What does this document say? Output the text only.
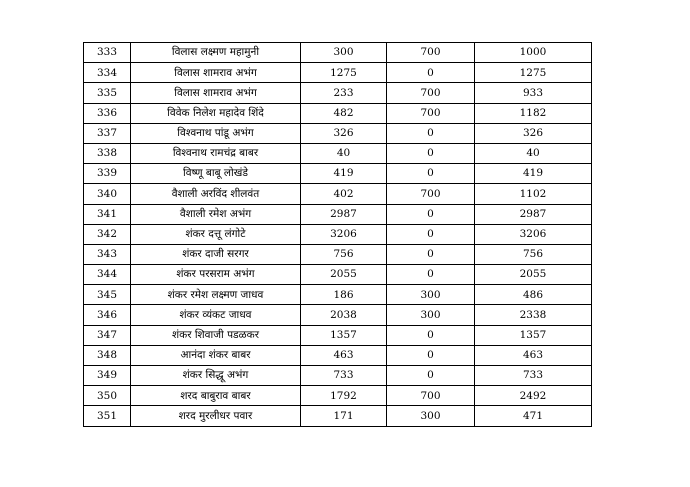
333	विलास लक्ष्मण महामुनी	300	700	1000
334	विलास शामराव अभंग	1275	0	1275
335	विलास शामराव अभंग	233	700	933
336	विवेक निलेश महादेव शिंदे	482	700	1182
337	विश्वनाथ पांडू अभंग	326	0	326
338	विश्वनाथ रामचंद्र बाबर	40	0	40
339	विष्णू बाबू लोखंडे	419	0	419
340	वैशाली अरविंद शीलवंत	402	700	1102
341	वैशाली रमेश अभंग	2987	0	2987
342	शंकर दत्तू लंगोटे	3206	0	3206
343	शंकर दाजी सरगर	756	0	756
344	शंकर परसराम अभंग	2055	0	2055
345	शंकर रमेश लक्ष्मण जाधव	186	300	486
346	शंकर व्यंकट जाधव	2038	300	2338
347	शंकर शिवाजी पडळकर	1357	0	1357
348	आनंदा शंकर बाबर	463	0	463
349	शंकर सिद्धू अभंग	733	0	733
350	शरद बाबुराव बाबर	1792	700	2492
351	शरद मुरलीधर पवार	171	300	471
